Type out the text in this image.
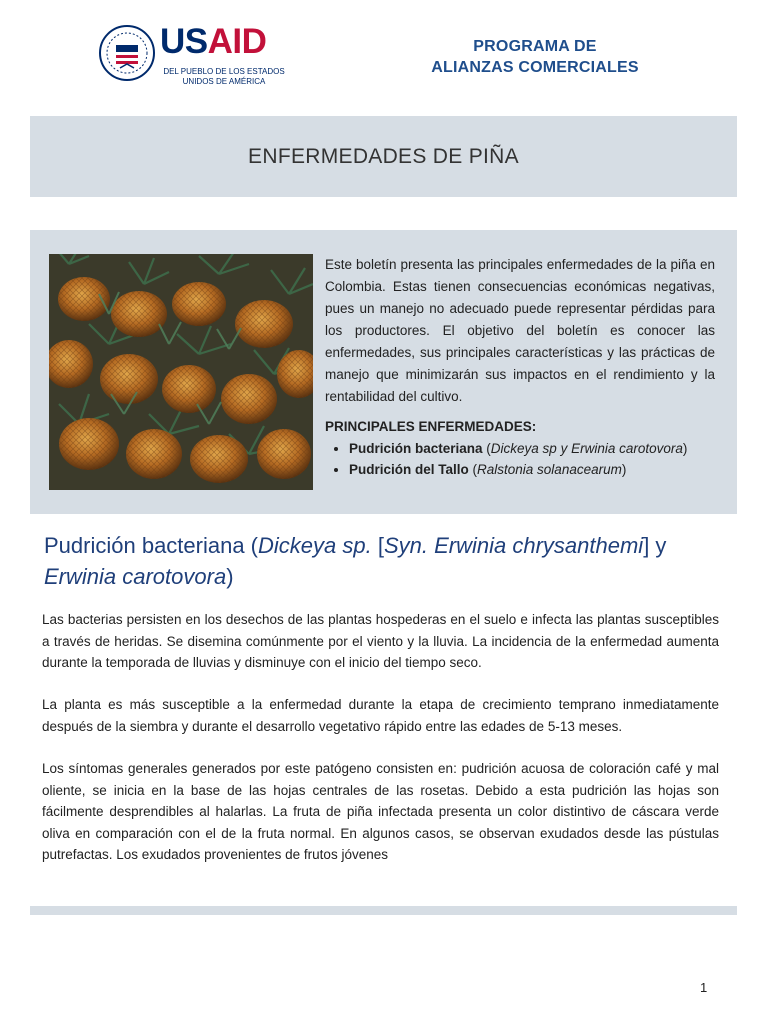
USAID
DEL PUEBLO DE LOS ESTADOS UNIDOS DE AMÉRICA
PROGRAMA DE
ALIANZAS COMERCIALES
ENFERMEDADES DE PIÑA

Este boletín presenta las principales enfermedades de la piña en Colombia. Estas tienen consecuencias económicas negativas, pues un manejo no adecuado puede representar pérdidas para los productores. El objetivo del boletín es conocer las enfermedades, sus principales características y las prácticas de manejo que minimizarán sus impactos en el rendimiento y la rentabilidad del cultivo.

PRINCIPALES ENFERMEDADES:

• Pudrición bacteriana (Dickeya sp y Erwinia carotovora)
• Pudrición del Tallo (Ralstonia solanacearum)
Pudrición bacteriana (Dickeya sp. [Syn. Erwinia chrysanthemi] y Erwinia carotovora)

Las bacterias persisten en los desechos de las plantas hospederas en el suelo e infecta las plantas susceptibles a través de heridas. Se disemina comúnmente por el viento y la lluvia. La incidencia de la enfermedad aumenta durante la temporada de lluvias y disminuye con el inicio del tiempo seco.

La planta es más susceptible a la enfermedad durante la etapa de crecimiento temprano inmediatamente después de la siembra y durante el desarrollo vegetativo rápido entre las edades de 5-13 meses.

Los síntomas generales generados por este patógeno consisten en: pudrición acuosa de coloración café y mal oliente, se inicia en la base de las hojas centrales de las rosetas. Debido a esta pudrición las hojas son fácilmente desprendibles al halarlas. La fruta de piña infectada presenta un color distintivo de cáscara verde oliva en comparación con el de la fruta normal. En algunos casos, se observan exudados desde las pústulas putrefactas. Los exudados provenientes de frutos jóvenes

1
